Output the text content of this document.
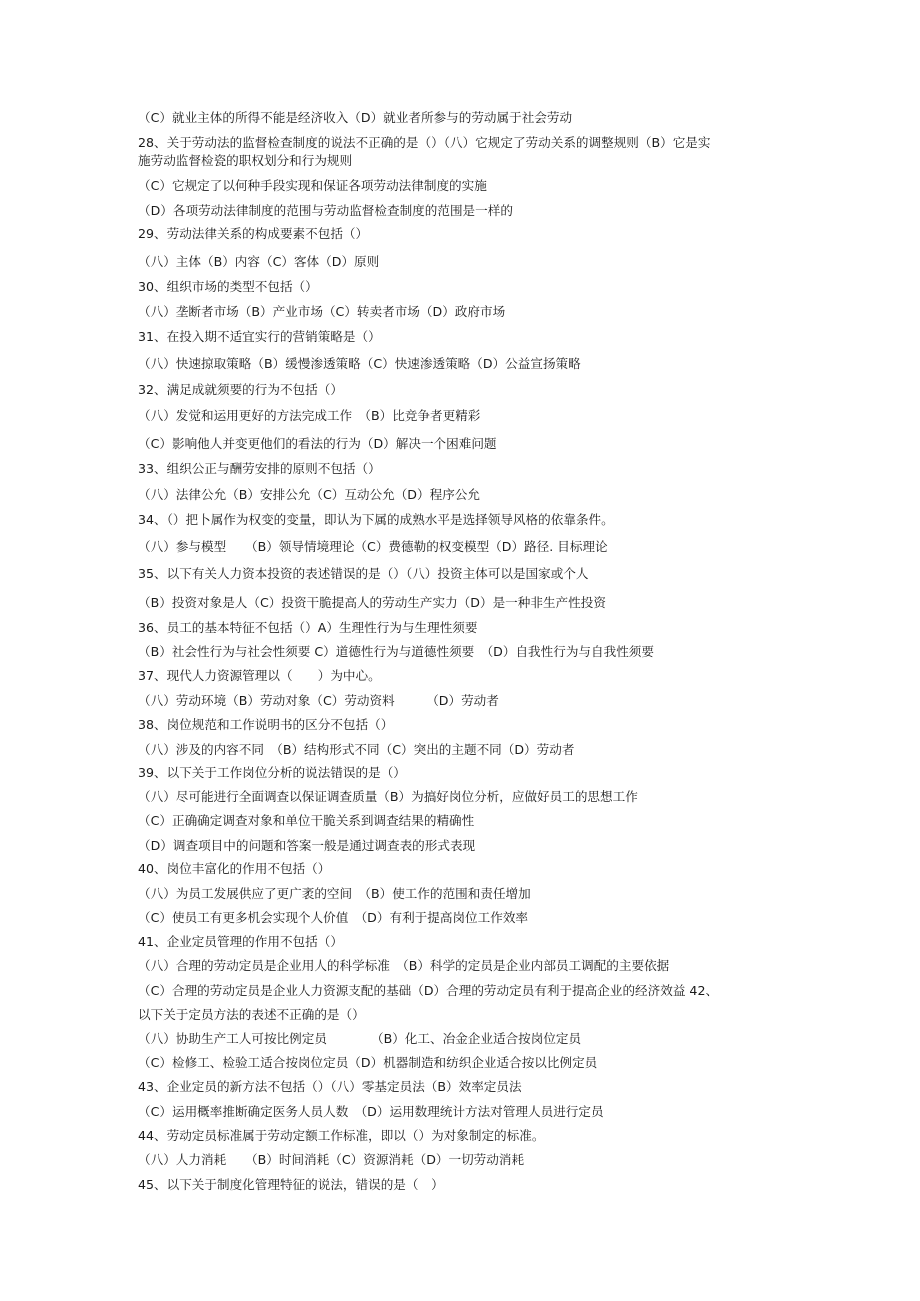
（C）就业主体的所得不能是经济收入（D）就业者所参与的劳动属于社会劳动
28、关于劳动法的监督检查制度的说法不正确的是（）（八）它规定了劳动关系的调整规则（B）它是实
施劳动监督检瓷的职权划分和行为规则
（C）它规定了以何种手段实现和保证各项劳动法律制度的实施
（D）各项劳动法律制度的范围与劳动监督检查制度的范围是一样的
29、劳动法律关系的构成要素不包括（）
（八）主体（B）内容（C）客体（D）原则
30、组织市场的类型不包括（）
（八）垄断者市场（B）产业市场（C）转卖者市场（D）政府市场
31、在投入期不适宜实行的营销策略是（）
（八）快速掠取策略（B）缓慢渗透策略（C）快速渗透策略（D）公益宣扬策略
32、满足成就须要的行为不包括（）
（八）发觉和运用更好的方法完成工作　（B）比竞争者更精彩
（C）影响他人并变更他们的看法的行为（D）解决一个困难问题
33、组织公正与酬劳安排的原则不包括（）
（八）法律公允（B）安排公允（C）互动公允（D）程序公允
34、（）把卜属作为权变的变量，即认为下属的成熟水平是选择领导风格的依靠条件。
（八）参与模型　　（B）领导情境理论（C）费德勒的权变模型（D）路径. 目标理论
35、以下有关人力资本投资的表述错误的是（）（八）投资主体可以是国家或个人
（B）投资对象是人（C）投资干脆提高人的劳动生产实力（D）是一种非生产性投资
36、员工的基本特征不包括（）A）生理性行为与生理性须要
（B）社会性行为与社会性须要 C）道德性行为与道德性须要　（D）自我性行为与自我性须要
37、现代人力资源管理以（　　）为中心。
（八）劳动环境（B）劳动对象（C）劳动资料　　　（D）劳动者
38、岗位规范和工作说明书的区分不包括（）
（八）涉及的内容不同　（B）结构形式不同（C）突出的主题不同（D）劳动者
39、以下关于工作岗位分析的说法错误的是（）
（八）尽可能进行全面调查以保证调查质量（B）为搞好岗位分析，应做好员工的思想工作
（C）正确确定调查对象和单位干脆关系到调查结果的精确性
（D）调查项目中的问题和答案一般是通过调查表的形式表现
40、岗位丰富化的作用不包括（）
（八）为员工发展供应了更广袤的空间　（B）使工作的范围和责任增加
（C）使员工有更多机会实现个人价值　（D）有利于提高岗位工作效率
41、企业定员管理的作用不包括（）
（八）合理的劳动定员是企业用人的科学标准　（B）科学的定员是企业内部员工调配的主要依据
（C）合理的劳动定员是企业人力资源支配的基础（D）合理的劳动定员有利于提高企业的经济效益 42、
以下关于定员方法的表述不正确的是（）
（八）协助生产工人可按比例定员　　　　（B）化工、冶金企业适合按岗位定员
（C）检修工、检验工适合按岗位定员（D）机器制造和纺织企业适合按以比例定员
43、企业定员的新方法不包括（）（八）零基定员法（B）效率定员法
（C）运用概率推断确定医务人员人数　（D）运用数理统计方法对管理人员进行定员
44、劳动定员标准属于劳动定额工作标准，即以（）为对象制定的标准。
（八）人力消耗　　（B）时间消耗（C）资源消耗（D）一切劳动消耗
45、以下关于制度化管理特征的说法，错误的是（　）
